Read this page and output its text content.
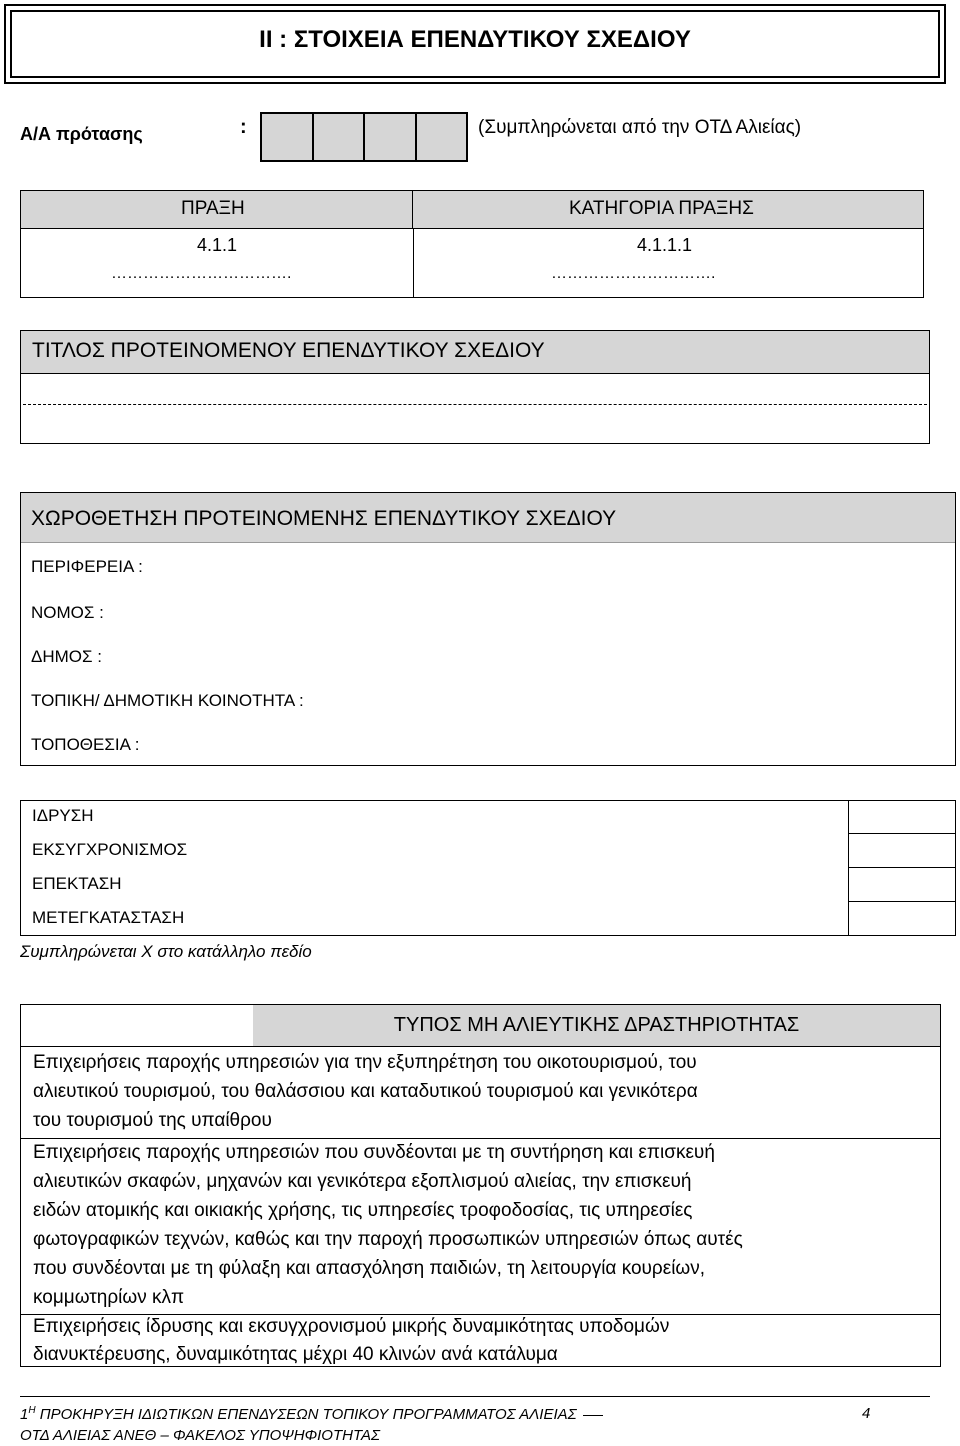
ΙΙ : ΣΤΟΙΧΕΙΑ ΕΠΕΝΔΥΤΙΚΟΥ ΣΧΕΔΙΟΥ
Α/Α πρότασης	:	(Συμπληρώνεται από την ΟΤΔ Αλιείας)
ΠΡΑΞΗ	ΚΑΤΗΓΟΡΙΑ ΠΡΑΞΗΣ
4.1.1	4.1.1.1
…………………………….	………………………….
ΤΙΤΛΟΣ ΠΡΟΤΕΙΝΟΜΕΝΟΥ ΕΠΕΝΔΥΤΙΚΟΥ ΣΧΕΔΙΟΥ
ΧΩΡΟΘΕΤΗΣΗ ΠΡΟΤΕΙΝΟΜΕΝΗΣ ΕΠΕΝΔΥΤΙΚΟΥ ΣΧΕΔΙΟΥ
ΠΕΡΙΦΕΡΕΙΑ :
ΝΟΜΟΣ :
ΔΗΜΟΣ :
ΤΟΠΙΚΗ/ ΔΗΜΟΤΙΚΗ ΚΟΙΝΟΤΗΤΑ :
ΤΟΠΟΘΕΣΙΑ :
ΙΔΡΥΣΗ
ΕΚΣΥΓΧΡΟΝΙΣΜΟΣ
ΕΠΕΚΤΑΣΗ
ΜΕΤΕΓΚΑΤΑΣΤΑΣΗ
Συμπληρώνεται Χ στο κατάλληλο πεδίο
ΤΥΠΟΣ ΜΗ ΑΛΙΕΥΤΙΚΗΣ ΔΡΑΣΤΗΡΙΟΤΗΤΑΣ
Επιχειρήσεις παροχής υπηρεσιών για την εξυπηρέτηση του οικοτουρισμού, του
αλιευτικού τουρισμού, του θαλάσσιου και καταδυτικού τουρισμού και γενικότερα
του τουρισμού της υπαίθρου
Επιχειρήσεις παροχής υπηρεσιών που συνδέονται με τη συντήρηση και επισκευή
αλιευτικών σκαφών, μηχανών και γενικότερα εξοπλισμού αλιείας, την επισκευή
ειδών ατομικής και οικιακής χρήσης, τις υπηρεσίες τροφοδοσίας, τις υπηρεσίες
φωτογραφικών τεχνών, καθώς και την παροχή προσωπικών υπηρεσιών όπως αυτές
που συνδέονται με τη φύλαξη και απασχόληση παιδιών, τη λειτουργία κουρείων,
κομμωτηρίων κλπ
Επιχειρήσεις ίδρυσης και εκσυγχρονισμού μικρής δυναμικότητας υποδομών
διανυκτέρευσης, δυναμικότητας μέχρι 40 κλινών ανά κατάλυμα
$1^H$ ΠΡΟΚΗΡΥΞΗ ΙΔΙΩΤΙΚΩΝ ΕΠΕΝΔΥΣΕΩΝ ΤΟΠΙΚΟΥ ΠΡΟΓΡΑΜΜΑΤΟΣ ΑΛΙΕΙΑΣ	4
ΟΤΔ ΑΛΙΕΙΑΣ ΑΝΕΘ – ΦΑΚΕΛΟΣ ΥΠΟΨΗΦΙΟΤΗΤΑΣ
